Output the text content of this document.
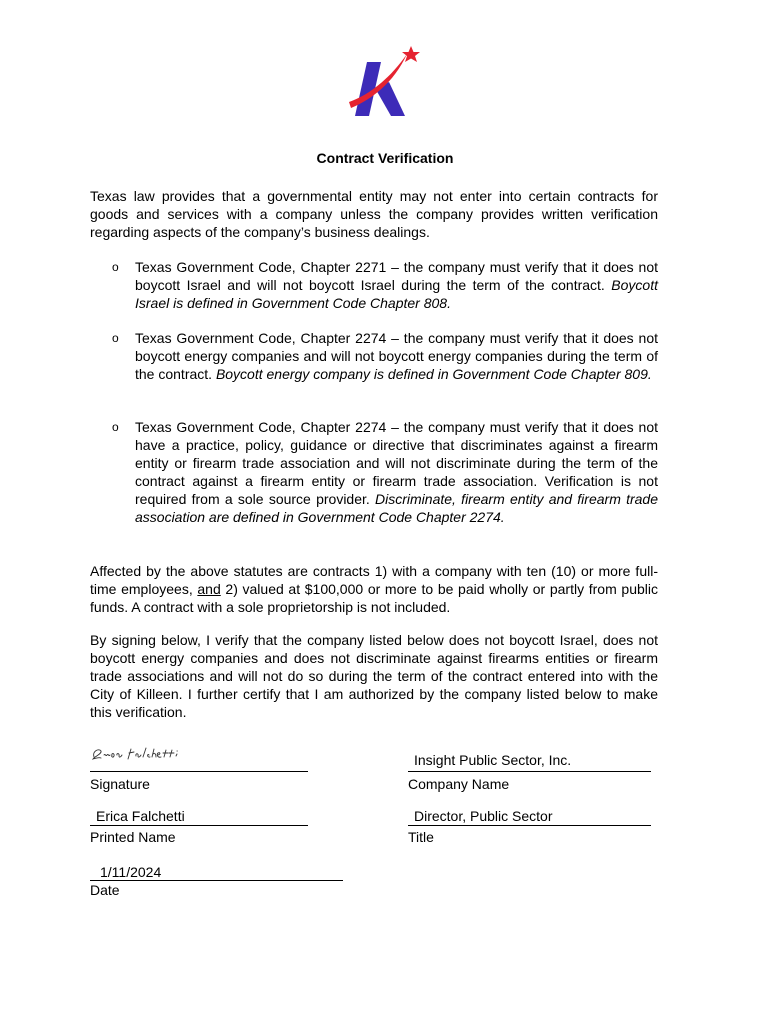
Contract Verification
Texas law provides that a governmental entity may not enter into certain contracts for goods and services with a company unless the company provides written verification regarding aspects of the company’s business dealings.
o Texas Government Code, Chapter 2271 – the company must verify that it does not boycott Israel and will not boycott Israel during the term of the contract. Boycott Israel is defined in Government Code Chapter 808.
o Texas Government Code, Chapter 2274 – the company must verify that it does not boycott energy companies and will not boycott energy companies during the term of the contract. Boycott energy company is defined in Government Code Chapter 809.
o Texas Government Code, Chapter 2274 – the company must verify that it does not have a practice, policy, guidance or directive that discriminates against a firearm entity or firearm trade association and will not discriminate during the term of the contract against a firearm entity or firearm trade association. Verification is not required from a sole source provider. Discriminate, firearm entity and firearm trade association are defined in Government Code Chapter 2274.
Affected by the above statutes are contracts 1) with a company with ten (10) or more full-time employees, and 2) valued at $100,000 or more to be paid wholly or partly from public funds. A contract with a sole proprietorship is not included.
By signing below, I verify that the company listed below does not boycott Israel, does not boycott energy companies and does not discriminate against firearms entities or firearm trade associations and will not do so during the term of the contract entered into with the City of Killeen. I further certify that I am authorized by the company listed below to make this verification.
Signature
Insight Public Sector, Inc.
Company Name
Erica Falchetti
Printed Name
Director, Public Sector
Title
1/11/2024
Date
